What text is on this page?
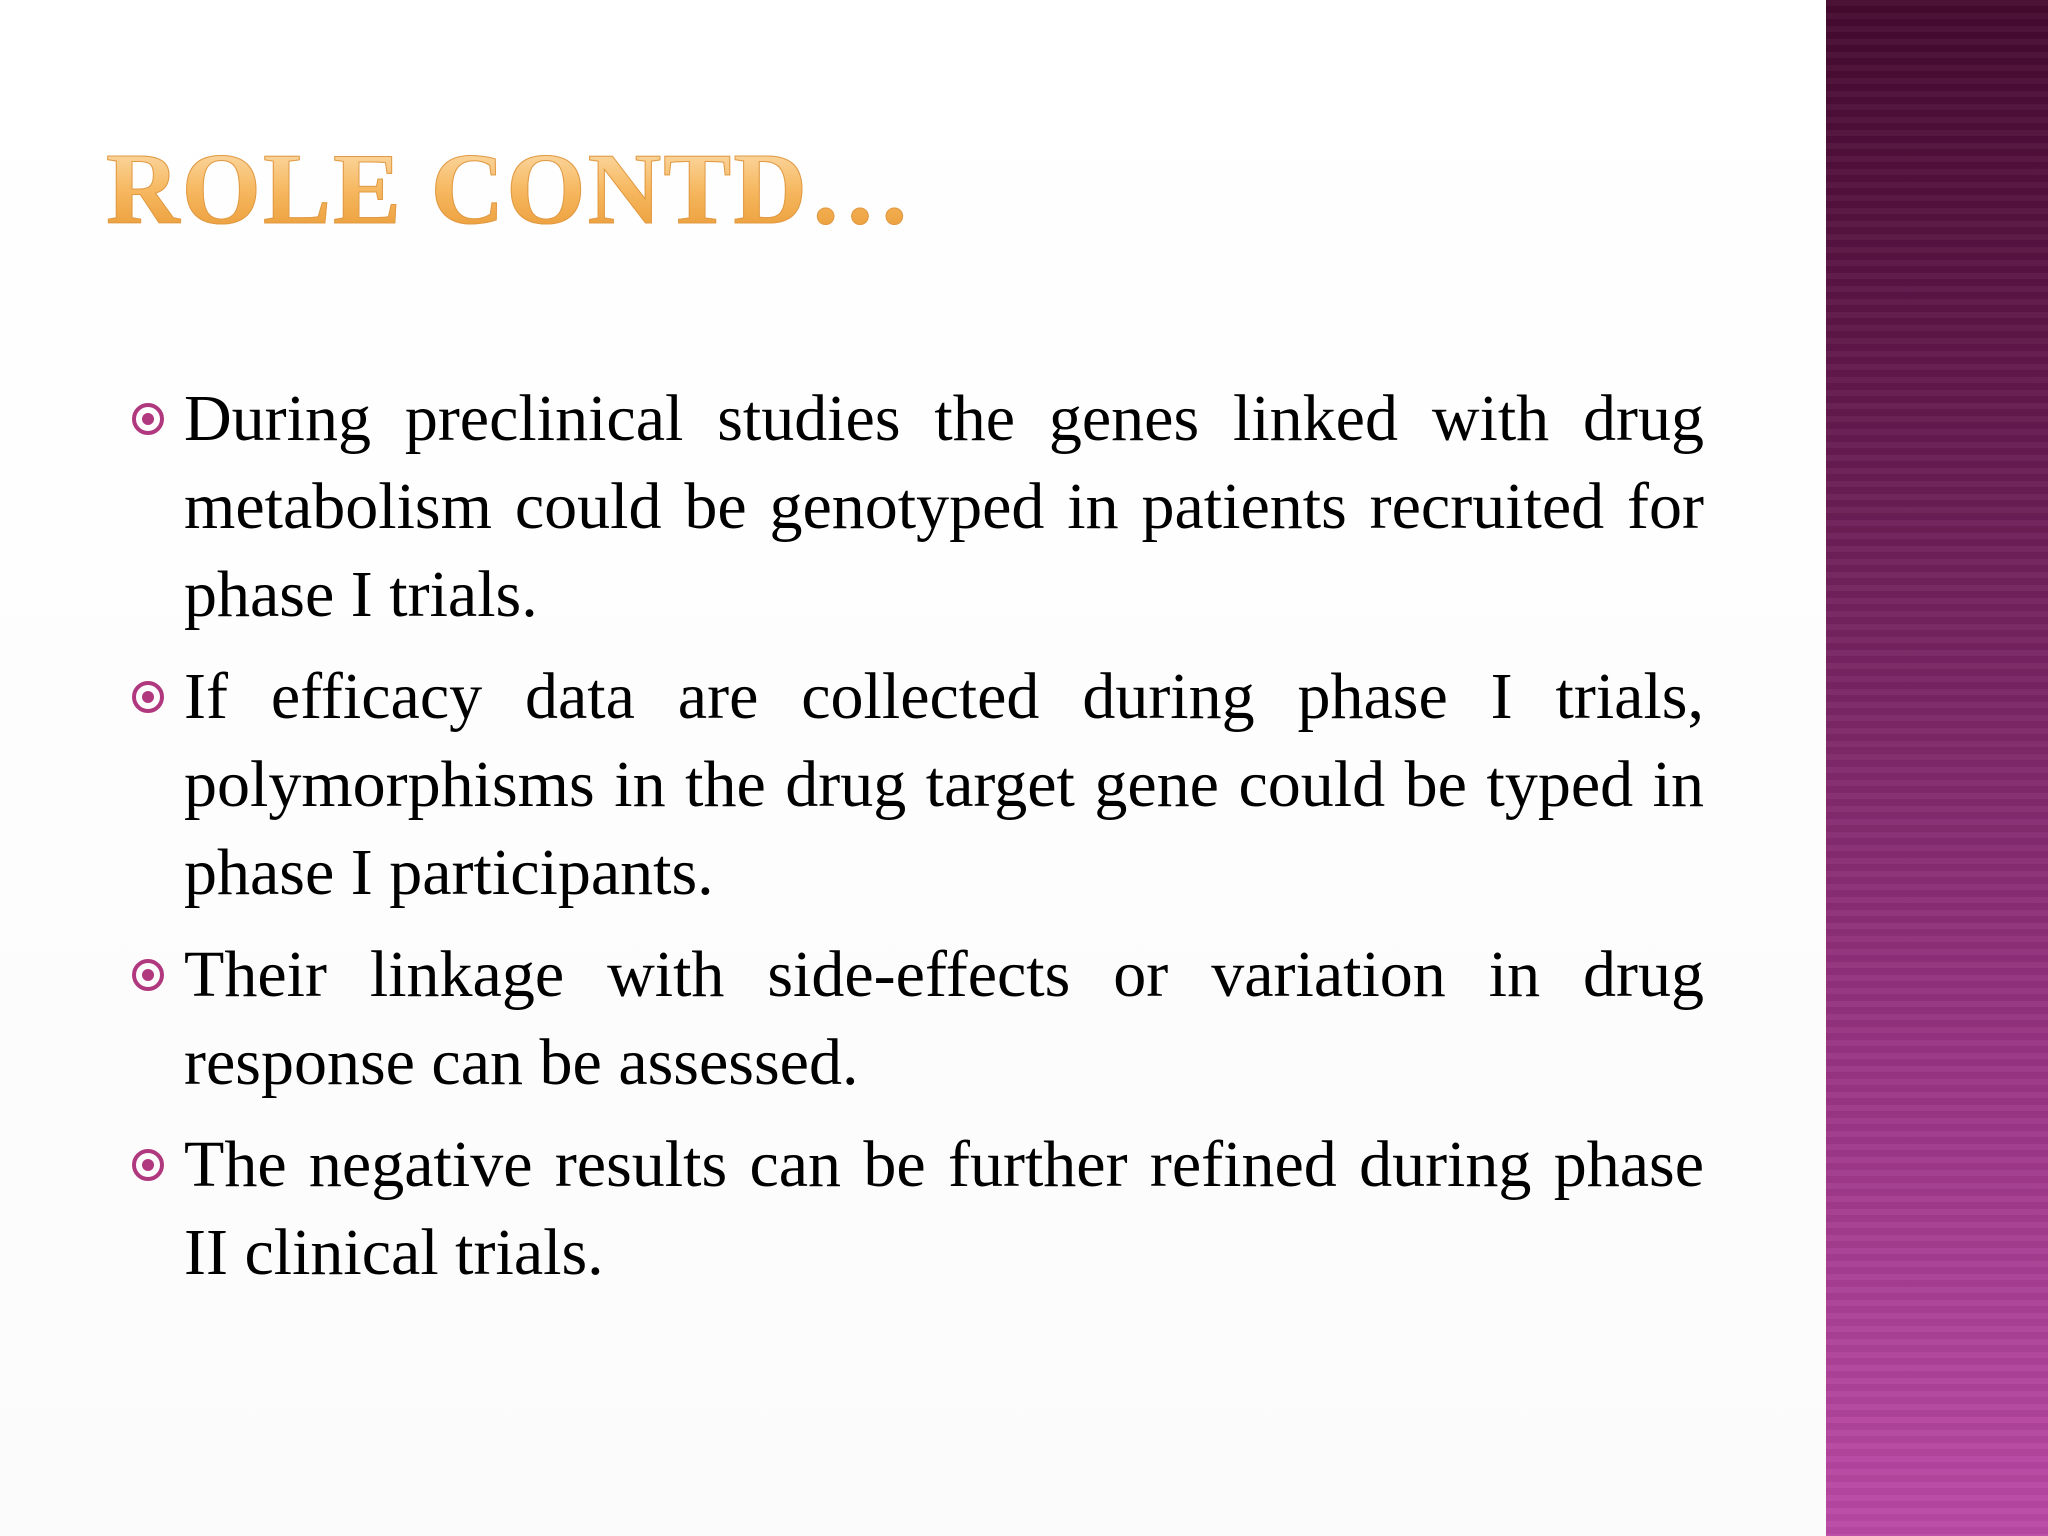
ROLE CONTD…
During preclinical studies the genes linked with drug metabolism could be genotyped in patients recruited for phase I trials.
If efficacy data are collected during phase I trials, polymorphisms in the drug target gene could be typed in phase I participants.
Their linkage with side-effects or variation in drug response can be assessed.
The negative results can be further refined during phase II clinical trials.
